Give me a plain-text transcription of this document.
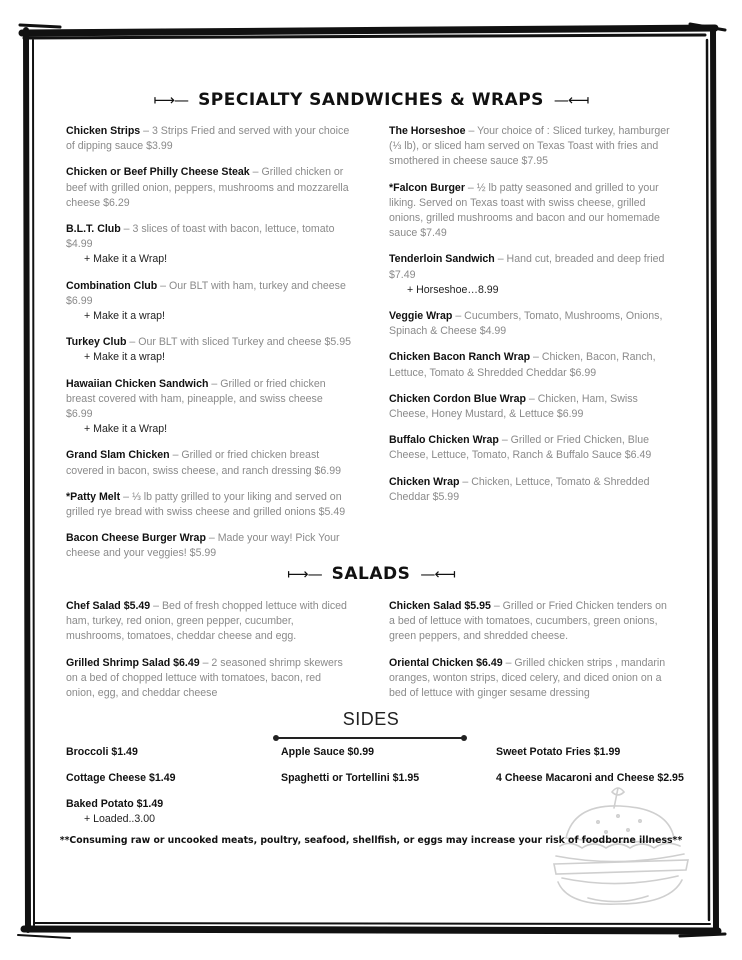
⟼— SPECIALTY SANDWICHES & WRAPS —⟻
Chicken Strips – 3 Strips Fried and served with your choice of dipping sauce $3.99
Chicken or Beef Philly Cheese Steak – Grilled chicken or beef with grilled onion, peppers, mushrooms and mozzarella cheese $6.29
B.L.T. Club – 3 slices of toast with bacon, lettuce, tomato $4.99
+ Make it a Wrap!
Combination Club – Our BLT with ham, turkey and cheese $6.99
+ Make it a wrap!
Turkey Club – Our BLT with sliced Turkey and cheese $5.95
+ Make it a wrap!
Hawaiian Chicken Sandwich – Grilled or fried chicken breast covered with ham, pineapple, and swiss cheese $6.99
+ Make it a Wrap!
Grand Slam Chicken – Grilled or fried chicken breast covered in bacon, swiss cheese, and ranch dressing $6.99
*Patty Melt – ⅓ lb patty grilled to your liking and served on grilled rye bread with swiss cheese and grilled onions $5.49
Bacon Cheese Burger Wrap – Made your way! Pick Your cheese and your veggies! $5.99
The Horseshoe – Your choice of : Sliced turkey, hamburger (⅓ lb), or sliced ham served on Texas Toast with fries and smothered in cheese sauce $7.95
*Falcon Burger – ½ lb patty seasoned and grilled to your liking. Served on Texas toast with swiss cheese, grilled onions, grilled mushrooms and bacon and our homemade sauce $7.49
Tenderloin Sandwich – Hand cut, breaded and deep fried $7.49
+ Horseshoe…8.99
Veggie Wrap – Cucumbers, Tomato, Mushrooms, Onions, Spinach & Cheese $4.99
Chicken Bacon Ranch Wrap – Chicken, Bacon, Ranch, Lettuce, Tomato & Shredded Cheddar $6.99
Chicken Cordon Blue Wrap – Chicken, Ham, Swiss Cheese, Honey Mustard, & Lettuce $6.99
Buffalo Chicken Wrap – Grilled or Fried Chicken, Blue Cheese, Lettuce, Tomato, Ranch & Buffalo Sauce $6.49
Chicken Wrap – Chicken, Lettuce, Tomato & Shredded Cheddar $5.99
⟼— SALADS —⟻
Chef Salad $5.49 – Bed of fresh chopped lettuce with diced ham, turkey, red onion, green pepper, cucumber, mushrooms, tomatoes, cheddar cheese and egg.
Grilled Shrimp Salad $6.49 – 2 seasoned shrimp skewers on a bed of chopped lettuce with tomatoes, bacon, red onion, egg, and cheddar cheese
Chicken Salad $5.95 – Grilled or Fried Chicken tenders on a bed of lettuce with tomatoes, cucumbers, green onions, green peppers, and shredded cheese.
Oriental Chicken $6.49 – Grilled chicken strips , mandarin oranges, wonton strips, diced celery, and diced onion on a bed of lettuce with ginger sesame dressing
SIDES
Broccoli $1.49	Apple Sauce $0.99	Sweet Potato Fries $1.99
Cottage Cheese $1.49	Spaghetti or Tortellini $1.95	4 Cheese Macaroni and Cheese $2.95
Baked Potato $1.49
+ Loaded..3.00
**Consuming raw or uncooked meats, poultry, seafood, shellfish, or eggs may increase your risk of foodborne illness**
